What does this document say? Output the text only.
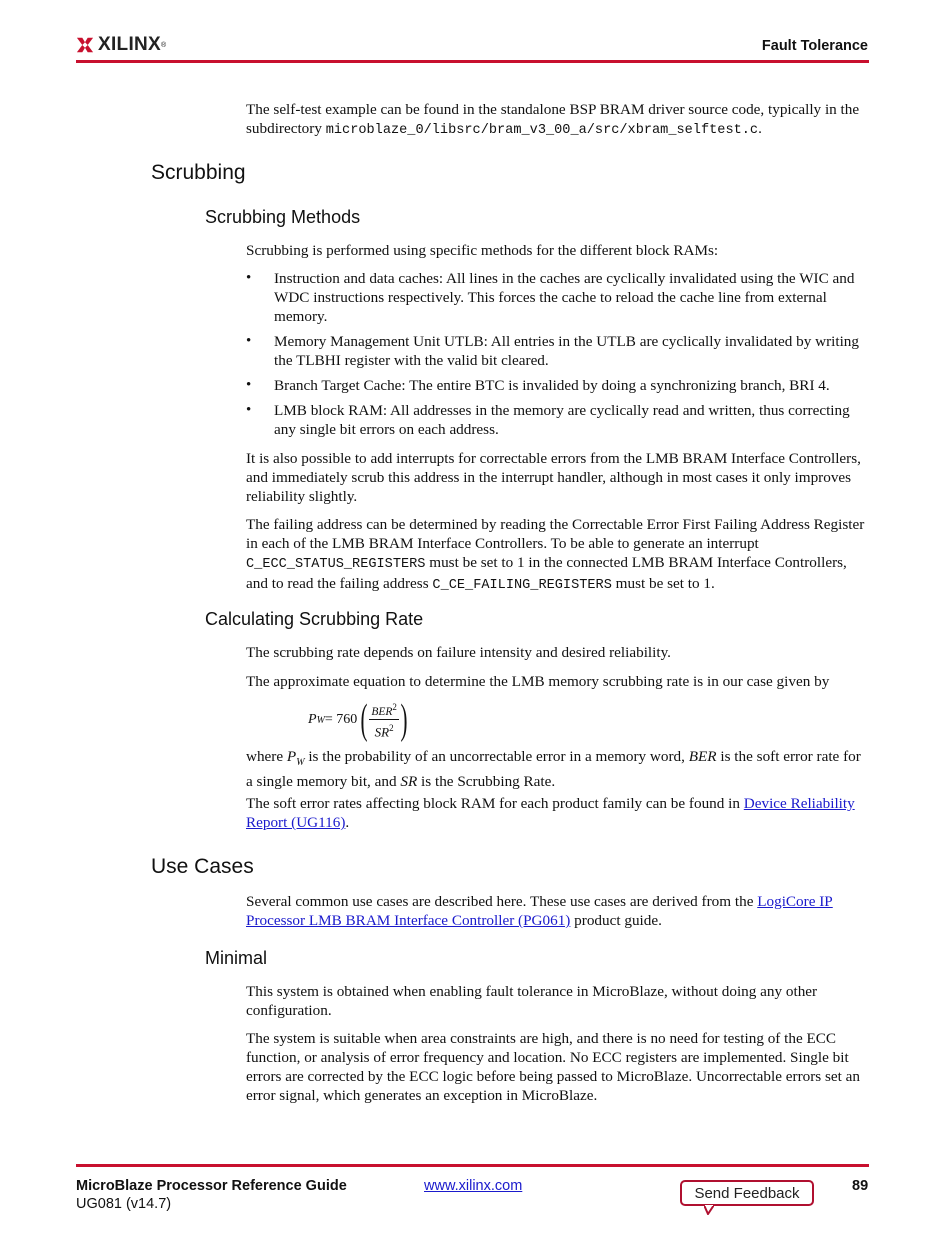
XILINX ®	Fault Tolerance

The self-test example can be found in the standalone BSP BRAM driver source code, typically in the subdirectory microblaze_0/libsrc/bram_v3_00_a/src/xbram_selftest.c.

Scrubbing
Scrubbing Methods

Scrubbing is performed using specific methods for the different block RAMs:

• Instruction and data caches: All lines in the caches are cyclically invalidated using the WIC and WDC instructions respectively. This forces the cache to reload the cache line from external memory.

• Memory Management Unit UTLB: All entries in the UTLB are cyclically invalidated by writing the TLBHI register with the valid bit cleared.

• Branch Target Cache: The entire BTC is invalided by doing a synchronizing branch, BRI 4.

• LMB block RAM: All addresses in the memory are cyclically read and written, thus correcting any single bit errors on each address.

It is also possible to add interrupts for correctable errors from the LMB BRAM Interface Controllers, and immediately scrub this address in the interrupt handler, although in most cases it only improves reliability slightly.

The failing address can be determined by reading the Correctable Error First Failing Address Register in each of the LMB BRAM Interface Controllers. To be able to generate an interrupt C_ECC_STATUS_REGISTERS must be set to 1 in the connected LMB BRAM Interface Controllers, and to read the failing address C_CE_FAILING_REGISTERS must be set to 1.

Calculating Scrubbing Rate

The scrubbing rate depends on failure intensity and desired reliability.

The approximate equation to determine the LMB memory scrubbing rate is in our case given by

P W = 760 ( $\frac{BER^2}{SR^2}$ )

where $P_W$ is the probability of an uncorrectable error in a memory word, BER is the soft error rate for a single memory bit, and SR is the Scrubbing Rate.

The soft error rates affecting block RAM for each product family can be found in Device Reliability Report (UG116).

Use Cases

Several common use cases are described here. These use cases are derived from the LogiCore IP Processor LMB BRAM Interface Controller (PG061) product guide.

Minimal

This system is obtained when enabling fault tolerance in MicroBlaze, without doing any other configuration.

The system is suitable when area constraints are high, and there is no need for testing of the ECC function, or analysis of error frequency and location. No ECC registers are implemented. Single bit errors are corrected by the ECC logic before being passed to MicroBlaze. Uncorrectable errors set an error signal, which generates an exception in MicroBlaze.

MicroBlaze Processor Reference Guide
UG081 (v14.7)
www.xilinx.com	Send Feedback	89
